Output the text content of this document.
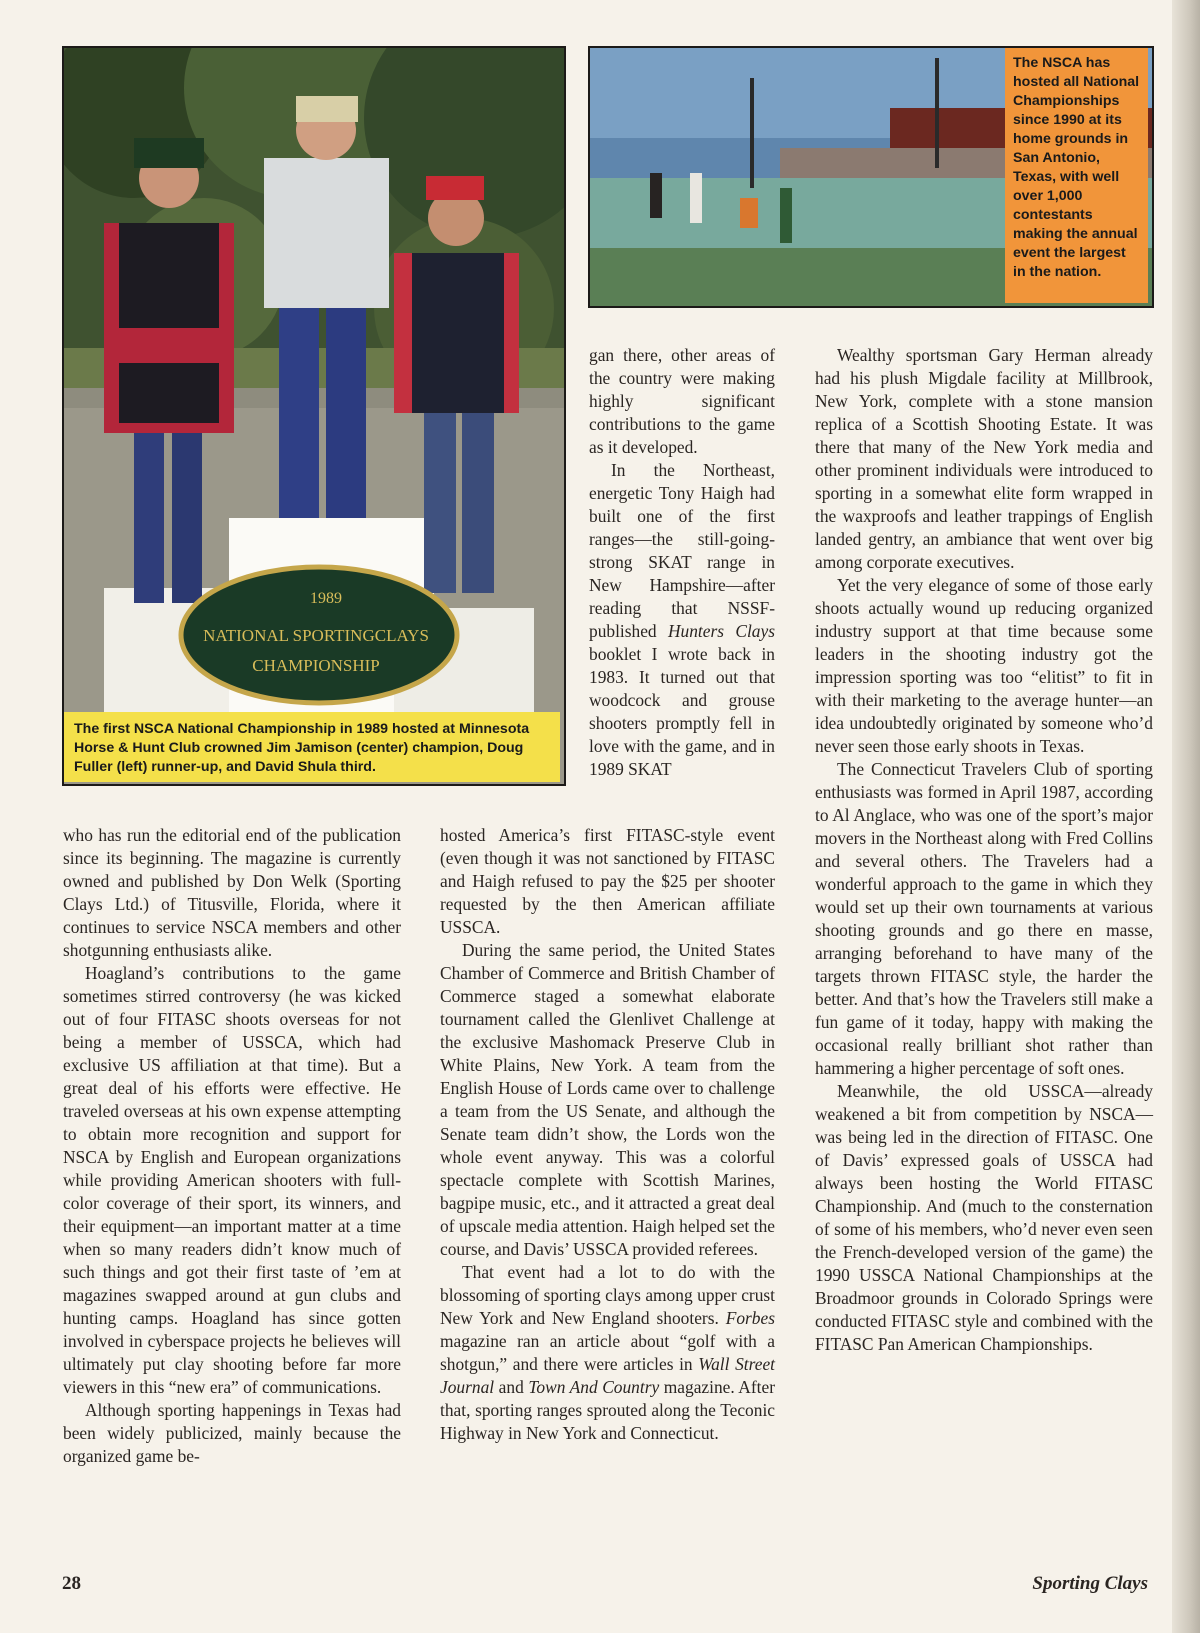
1989
NATIONAL SPORTINGCLAYS
CHAMPIONSHIP
The first NSCA National Championship in 1989 hosted at Minnesota Horse & Hunt Club crowned Jim Jamison (center) champion, Doug Fuller (left) runner-up, and David Shula third.
The NSCA has hosted all National Championships since 1990 at its home grounds in San Antonio, Texas, with well over 1,000 contestants making the annual event the largest in the nation.

who has run the editorial end of the publication since its beginning. The magazine is currently owned and published by Don Welk (Sporting Clays Ltd.) of Titusville, Florida, where it continues to service NSCA members and other shotgunning enthusiasts alike.

Hoagland’s contributions to the game sometimes stirred controversy (he was kicked out of four FITASC shoots overseas for not being a member of USSCA, which had exclusive US affiliation at that time). But a great deal of his efforts were effective. He traveled overseas at his own expense attempting to obtain more recognition and support for NSCA by English and European organizations while providing American shooters with full-color coverage of their sport, its winners, and their equipment—an important matter at a time when so many readers didn’t know much of such things and got their first taste of ’em at magazines swapped around at gun clubs and hunting camps. Hoagland has since gotten involved in cyberspace projects he believes will ultimately put clay shooting before far more viewers in this “new era” of communications.

Although sporting happenings in Texas had been widely publicized, mainly because the organized game be-

gan there, other areas of the country were making highly significant contributions to the game as it developed.

In the Northeast, energetic Tony Haigh had built one of the first ranges—the still-going-strong SKAT range in New Hampshire—after reading that NSSF-published Hunters Clays booklet I wrote back in 1983. It turned out that woodcock and grouse shooters promptly fell in love with the game, and in 1989 SKAT

hosted America’s first FITASC-style event (even though it was not sanctioned by FITASC and Haigh refused to pay the $25 per shooter requested by the then American affiliate USSCA.

During the same period, the United States Chamber of Commerce and British Chamber of Commerce staged a somewhat elaborate tournament called the Glenlivet Challenge at the exclusive Mashomack Preserve Club in White Plains, New York. A team from the English House of Lords came over to challenge a team from the US Senate, and although the Senate team didn’t show, the Lords won the whole event anyway. This was a colorful spectacle complete with Scottish Marines, bagpipe music, etc., and it attracted a great deal of upscale media attention. Haigh helped set the course, and Davis’ USSCA provided referees.

That event had a lot to do with the blossoming of sporting clays among upper crust New York and New England shooters. Forbes magazine ran an article about “golf with a shotgun,” and there were articles in Wall Street Journal and Town And Country magazine. After that, sporting ranges sprouted along the Teconic Highway in New York and Connecticut.

Wealthy sportsman Gary Herman already had his plush Migdale facility at Millbrook, New York, complete with a stone mansion replica of a Scottish Shooting Estate. It was there that many of the New York media and other prominent individuals were introduced to sporting in a somewhat elite form wrapped in the waxproofs and leather trappings of English landed gentry, an ambiance that went over big among corporate executives.

Yet the very elegance of some of those early shoots actually wound up reducing organized industry support at that time because some leaders in the shooting industry got the impression sporting was too “elitist” to fit in with their marketing to the average hunter—an idea undoubtedly originated by someone who’d never seen those early shoots in Texas.

The Connecticut Travelers Club of sporting enthusiasts was formed in April 1987, according to Al Anglace, who was one of the sport’s major movers in the Northeast along with Fred Collins and several others. The Travelers had a wonderful approach to the game in which they would set up their own tournaments at various shooting grounds and go there en masse, arranging beforehand to have many of the targets thrown FITASC style, the harder the better. And that’s how the Travelers still make a fun game of it today, happy with making the occasional really brilliant shot rather than hammering a higher percentage of soft ones.

Meanwhile, the old USSCA—already weakened a bit from competition by NSCA—was being led in the direction of FITASC. One of Davis’ expressed goals of USSCA had always been hosting the World FITASC Championship. And (much to the consternation of some of his members, who’d never even seen the French-developed version of the game) the 1990 USSCA National Championships at the Broadmoor grounds in Colorado Springs were conducted FITASC style and combined with the FITASC Pan American Championships.

28	Sporting Clays
